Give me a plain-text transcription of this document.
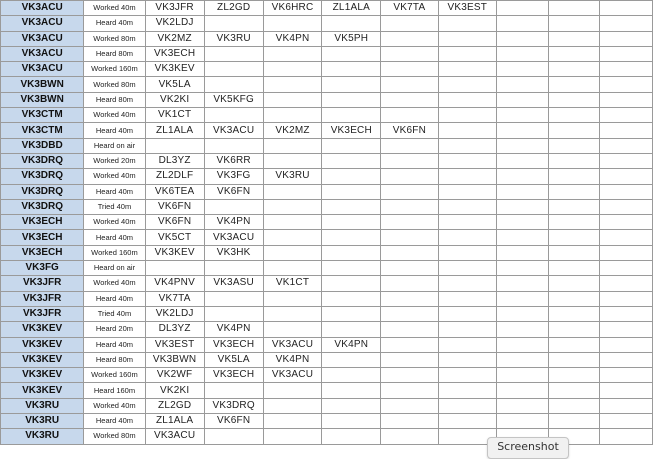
VK3ACU	Worked 40m	VK3JFR	ZL2GD	VK6HRC	ZL1ALA	VK7TA	VK3EST			
VK3ACU	Heard 40m	VK2LDJ								
VK3ACU	Worked 80m	VK2MZ	VK3RU	VK4PN	VK5PH					
VK3ACU	Heard 80m	VK3ECH								
VK3ACU	Worked 160m	VK3KEV								
VK3BWN	Worked 80m	VK5LA								
VK3BWN	Heard 80m	VK2KI	VK5KFG							
VK3CTM	Worked 40m	VK1CT								
VK3CTM	Heard 40m	ZL1ALA	VK3ACU	VK2MZ	VK3ECH	VK6FN				
VK3DBD	Heard on air									
VK3DRQ	Worked 20m	DL3YZ	VK6RR							
VK3DRQ	Worked 40m	ZL2DLF	VK3FG	VK3RU						
VK3DRQ	Heard 40m	VK6TEA	VK6FN							
VK3DRQ	Tried 40m	VK6FN								
VK3ECH	Worked 40m	VK6FN	VK4PN							
VK3ECH	Heard 40m	VK5CT	VK3ACU							
VK3ECH	Worked 160m	VK3KEV	VK3HK							
VK3FG	Heard on air									
VK3JFR	Worked 40m	VK4PNV	VK3ASU	VK1CT						
VK3JFR	Heard 40m	VK7TA								
VK3JFR	Tried 40m	VK2LDJ								
VK3KEV	Heard 20m	DL3YZ	VK4PN							
VK3KEV	Heard 40m	VK3EST	VK3ECH	VK3ACU	VK4PN					
VK3KEV	Heard 80m	VK3BWN	VK5LA	VK4PN						
VK3KEV	Worked 160m	VK2WF	VK3ECH	VK3ACU						
VK3KEV	Heard 160m	VK2KI								
VK3RU	Worked 40m	ZL2GD	VK3DRQ							
VK3RU	Heard 40m	ZL1ALA	VK6FN							
VK3RU	Worked 80m	VK3ACU								
Screenshot
